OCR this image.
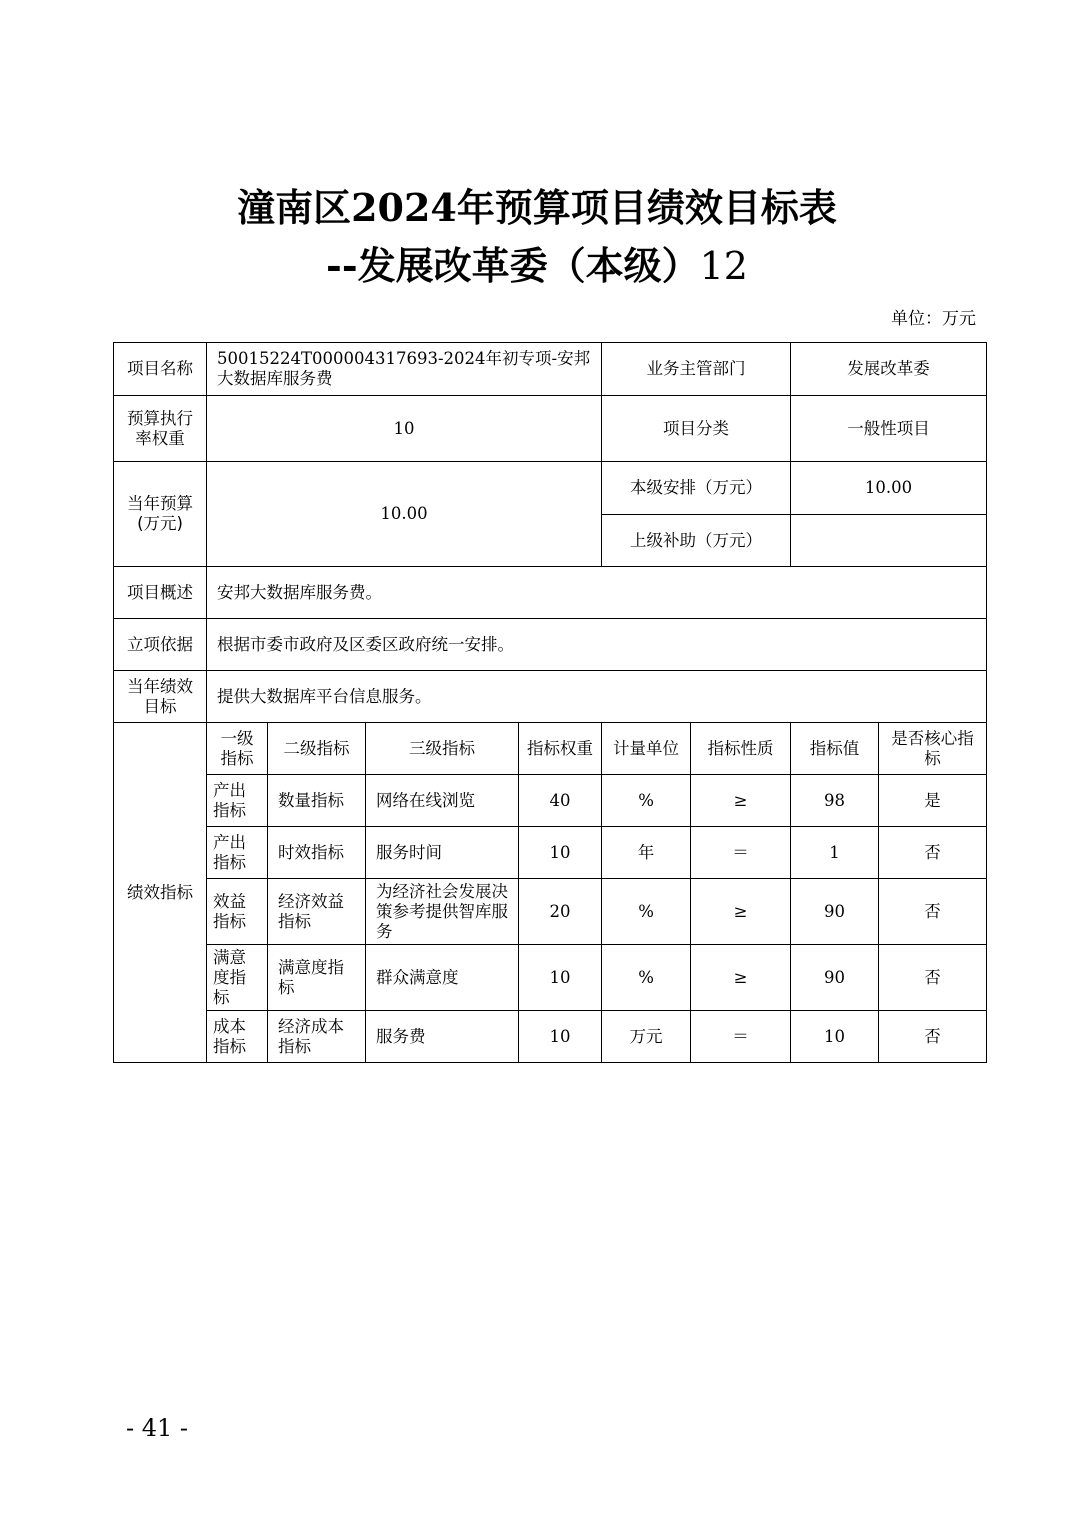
潼南区2024年预算项目绩效目标表
--发展改革委（本级）12
单位：万元
项目名称	50015224T000004317693-2024年初专项-安邦大数据库服务费				业务主管部门		发展改革委	
预算执行率权重	10				项目分类		一般性项目	
当年预算(万元)	10.00				本级安排（万元）		10.00	
					上级补助（万元）			
项目概述	安邦大数据库服务费。							
立项依据	根据市委市政府及区委区政府统一安排。							
当年绩效目标	提供大数据库平台信息服务。							
绩效指标	一级指标	二级指标	三级指标	指标权重	计量单位	指标性质	指标值	是否核心指标
	产出指标	数量指标	网络在线浏览	40	%	≥	98	是
	产出指标	时效指标	服务时间	10	年	＝	1	否
	效益指标	经济效益指标	为经济社会发展决策参考提供智库服务	20	%	≥	90	否
	满意度指标	满意度指标	群众满意度	10	%	≥	90	否
	成本指标	经济成本指标	服务费	10	万元	＝	10	否
- 41 -
